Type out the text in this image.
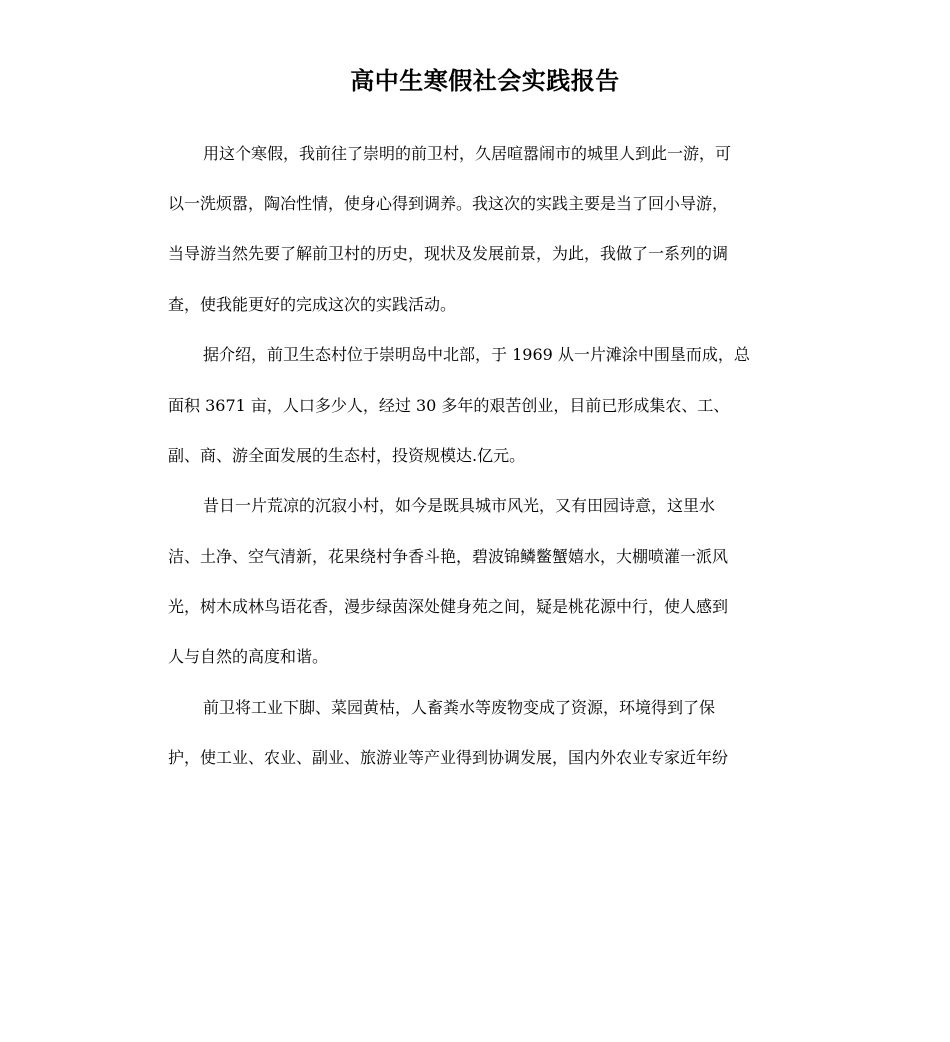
高中生寒假社会实践报告
用这个寒假，我前往了崇明的前卫村，久居喧嚣闹市的城里人到此一游，可
以一洗烦嚣，陶冶性情，使身心得到调养。我这次的实践主要是当了回小导游，
当导游当然先要了解前卫村的历史，现状及发展前景，为此，我做了一系列的调
查，使我能更好的完成这次的实践活动。
据介绍，前卫生态村位于崇明岛中北部，于 1969 从一片滩涂中围垦而成，总
面积 3671 亩，人口多少人，经过 30 多年的艰苦创业，目前已形成集农、工、
副、商、游全面发展的生态村，投资规模达.亿元。
昔日一片荒凉的沉寂小村，如今是既具城市风光，又有田园诗意，这里水
洁、土净、空气清新，花果绕村争香斗艳，碧波锦鳞鳖蟹嬉水，大棚喷灌一派风
光，树木成林鸟语花香，漫步绿茵深处健身苑之间，疑是桃花源中行，使人感到
人与自然的高度和谐。
前卫将工业下脚、菜园黄枯，人畜粪水等废物变成了资源，环境得到了保
护，使工业、农业、副业、旅游业等产业得到协调发展，国内外农业专家近年纷
